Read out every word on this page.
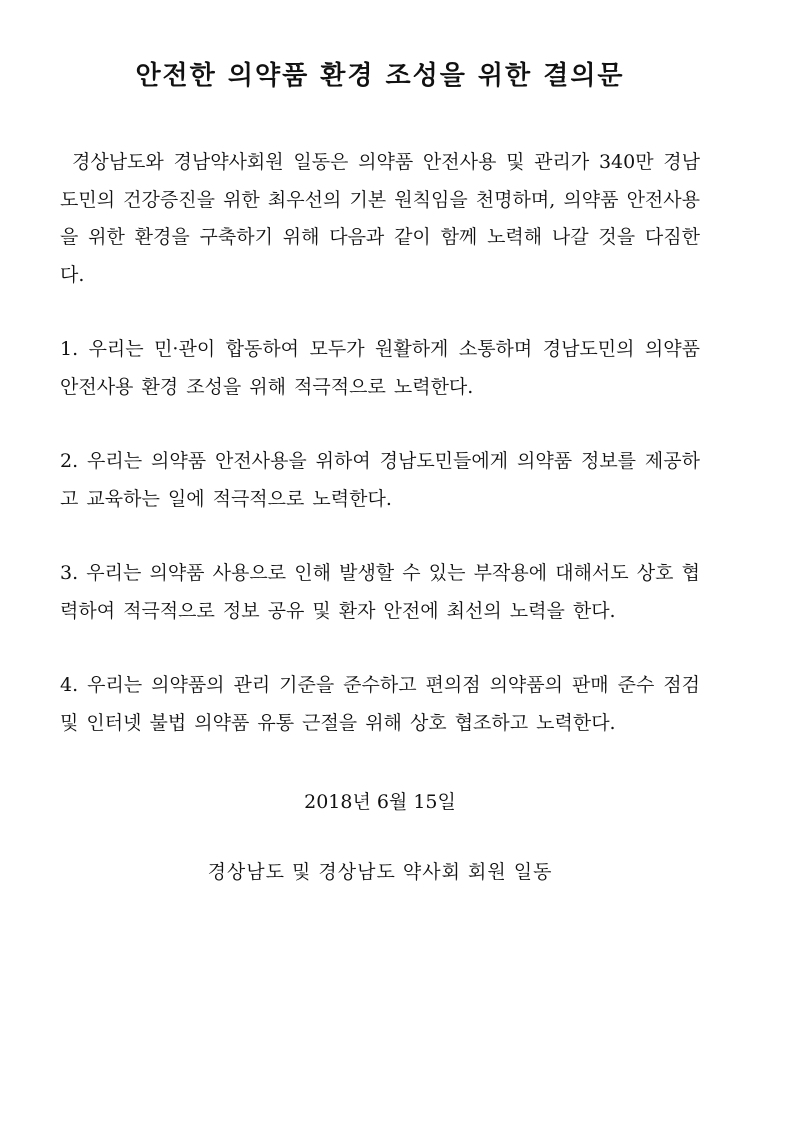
안전한 의약품 환경 조성을 위한 결의문

경상남도와 경남약사회원 일동은 의약품 안전사용 및 관리가 340만 경남도민의 건강증진을 위한 최우선의 기본 원칙임을 천명하며, 의약품 안전사용을 위한 환경을 구축하기 위해 다음과 같이 함께 노력해 나갈 것을 다짐한다.

1. 우리는 민·관이 합동하여 모두가 원활하게 소통하며 경남도민의 의약품 안전사용 환경 조성을 위해 적극적으로 노력한다.

2. 우리는 의약품 안전사용을 위하여 경남도민들에게 의약품 정보를 제공하고 교육하는 일에 적극적으로 노력한다.

3. 우리는 의약품 사용으로 인해 발생할 수 있는 부작용에 대해서도 상호 협력하여 적극적으로 정보 공유 및 환자 안전에 최선의 노력을 한다.

4. 우리는 의약품의 관리 기준을 준수하고 편의점 의약품의 판매 준수 점검 및 인터넷 불법 의약품 유통 근절을 위해 상호 협조하고 노력한다.

2018년 6월 15일

경상남도 및 경상남도 약사회 회원 일동
